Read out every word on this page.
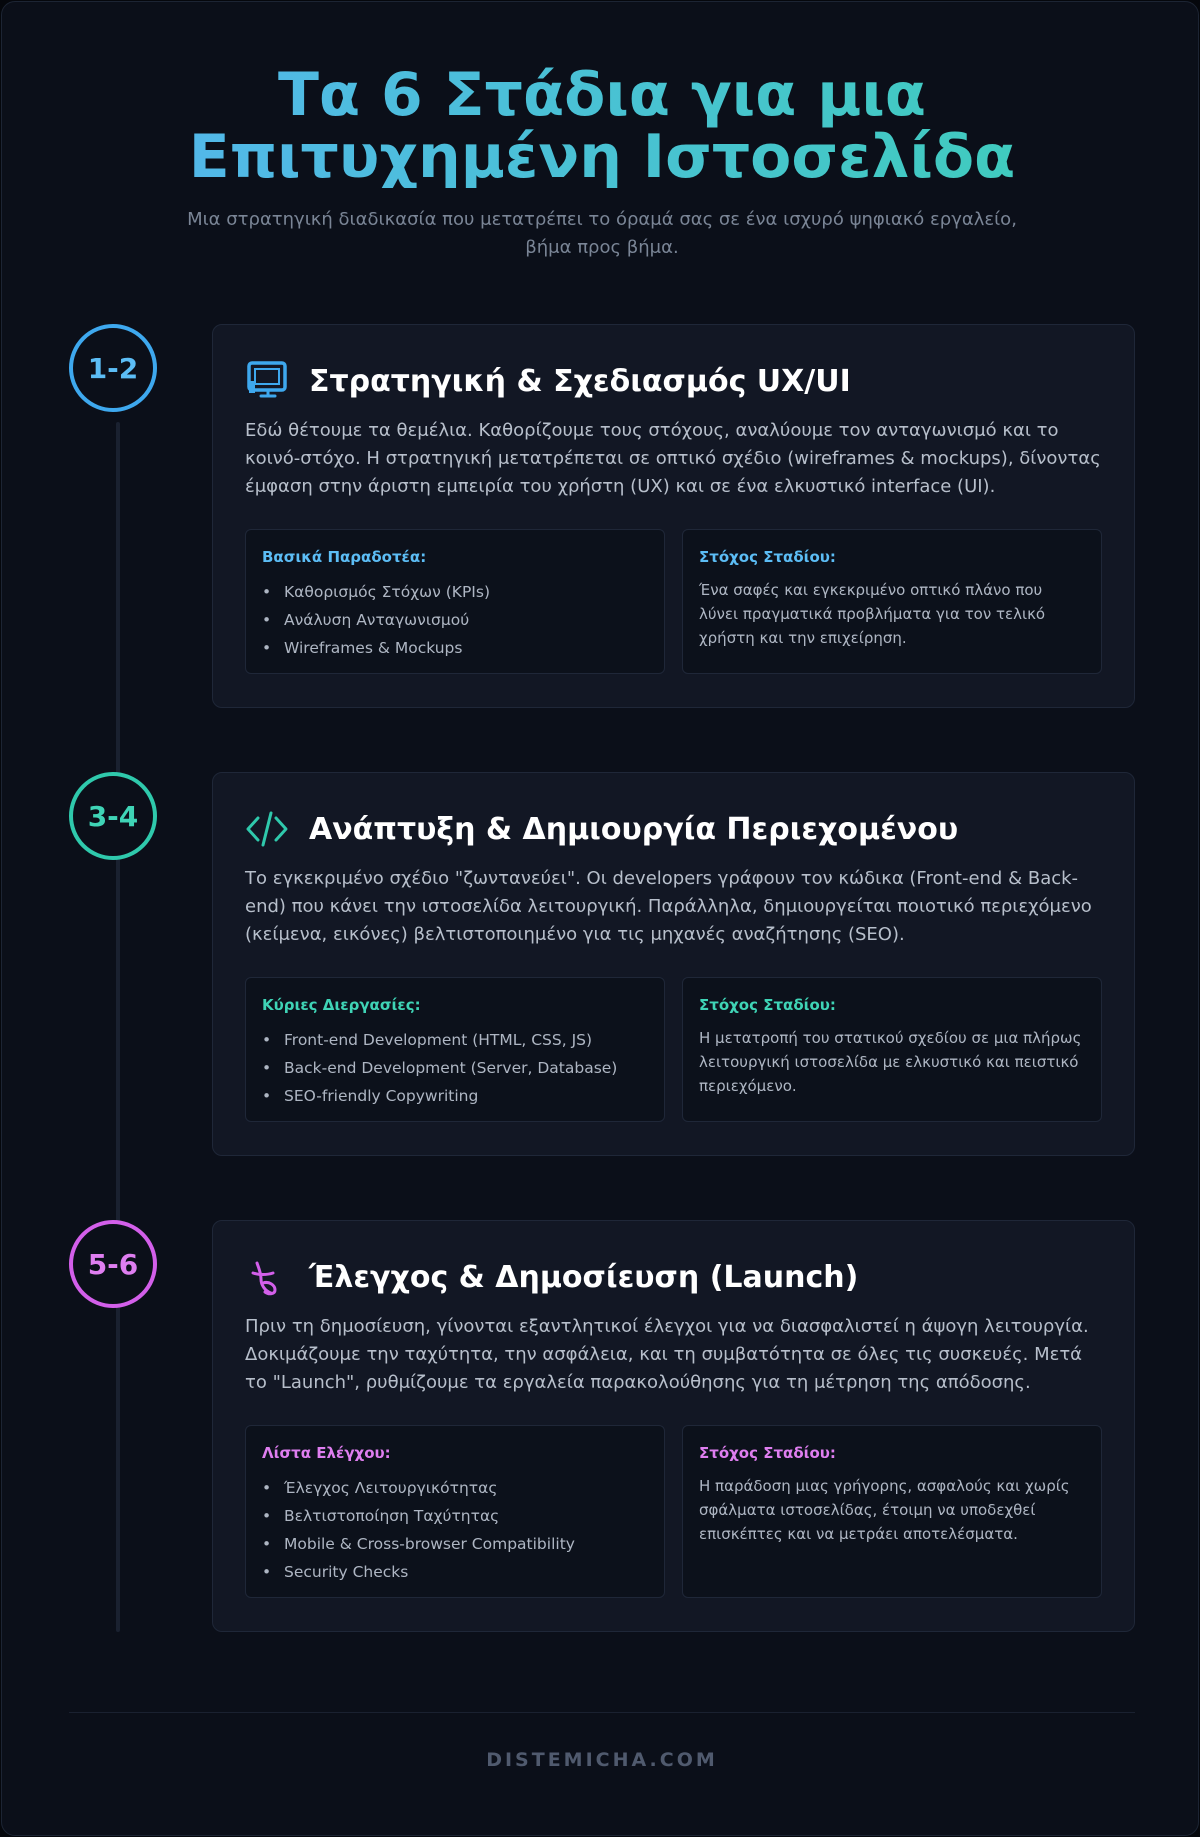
Τα 6 Στάδια για μια
Επιτυχημένη Ιστοσελίδα

Μια στρατηγική διαδικασία που μετατρέπει το όραμά σας σε ένα ισχυρό ψηφιακό εργαλείο, βήμα προς βήμα.

1-2	Στρατηγική & Σχεδιασμός UX/UI

Εδώ θέτουμε τα θεμέλια. Καθορίζουμε τους στόχους, αναλύουμε τον ανταγωνισμό και το κοινό-στόχο. Η στρατηγική μετατρέπεται σε οπτικό σχέδιο (wireframes & mockups), δίνοντας έμφαση στην άριστη εμπειρία του χρήστη (UX) και σε ένα ελκυστικό interface (UI).

Βασικά Παραδοτέα:
• Καθορισμός Στόχων (KPIs)
• Ανάλυση Ανταγωνισμού
• Wireframes & Mockups
Στόχος Σταδίου:

Ένα σαφές και εγκεκριμένο οπτικό πλάνο που λύνει πραγματικά προβλήματα για τον τελικό χρήστη και την επιχείρηση.

3-4	Ανάπτυξη & Δημιουργία Περιεχομένου

Το εγκεκριμένο σχέδιο "ζωντανεύει". Οι developers γράφουν τον κώδικα (Front-end & Back-end) που κάνει την ιστοσελίδα λειτουργική. Παράλληλα, δημιουργείται ποιοτικό περιεχόμενο (κείμενα, εικόνες) βελτιστοποιημένο για τις μηχανές αναζήτησης (SEO).

Κύριες Διεργασίες:
• Front-end Development (HTML, CSS, JS)
• Back-end Development (Server, Database)
• SEO-friendly Copywriting
Στόχος Σταδίου:

Η μετατροπή του στατικού σχεδίου σε μια πλήρως λειτουργική ιστοσελίδα με ελκυστικό και πειστικό περιεχόμενο.

5-6	Έλεγχος & Δημοσίευση (Launch)

Πριν τη δημοσίευση, γίνονται εξαντλητικοί έλεγχοι για να διασφαλιστεί η άψογη λειτουργία. Δοκιμάζουμε την ταχύτητα, την ασφάλεια, και τη συμβατότητα σε όλες τις συσκευές. Μετά το "Launch", ρυθμίζουμε τα εργαλεία παρακολούθησης για τη μέτρηση της απόδοσης.

Λίστα Ελέγχου:
• Έλεγχος Λειτουργικότητας
• Βελτιστοποίηση Ταχύτητας
• Mobile & Cross-browser Compatibility
• Security Checks
Στόχος Σταδίου:

Η παράδοση μιας γρήγορης, ασφαλούς και χωρίς σφάλματα ιστοσελίδας, έτοιμη να υποδεχθεί επισκέπτες και να μετράει αποτελέσματα.

DISTEMICHA.COM
